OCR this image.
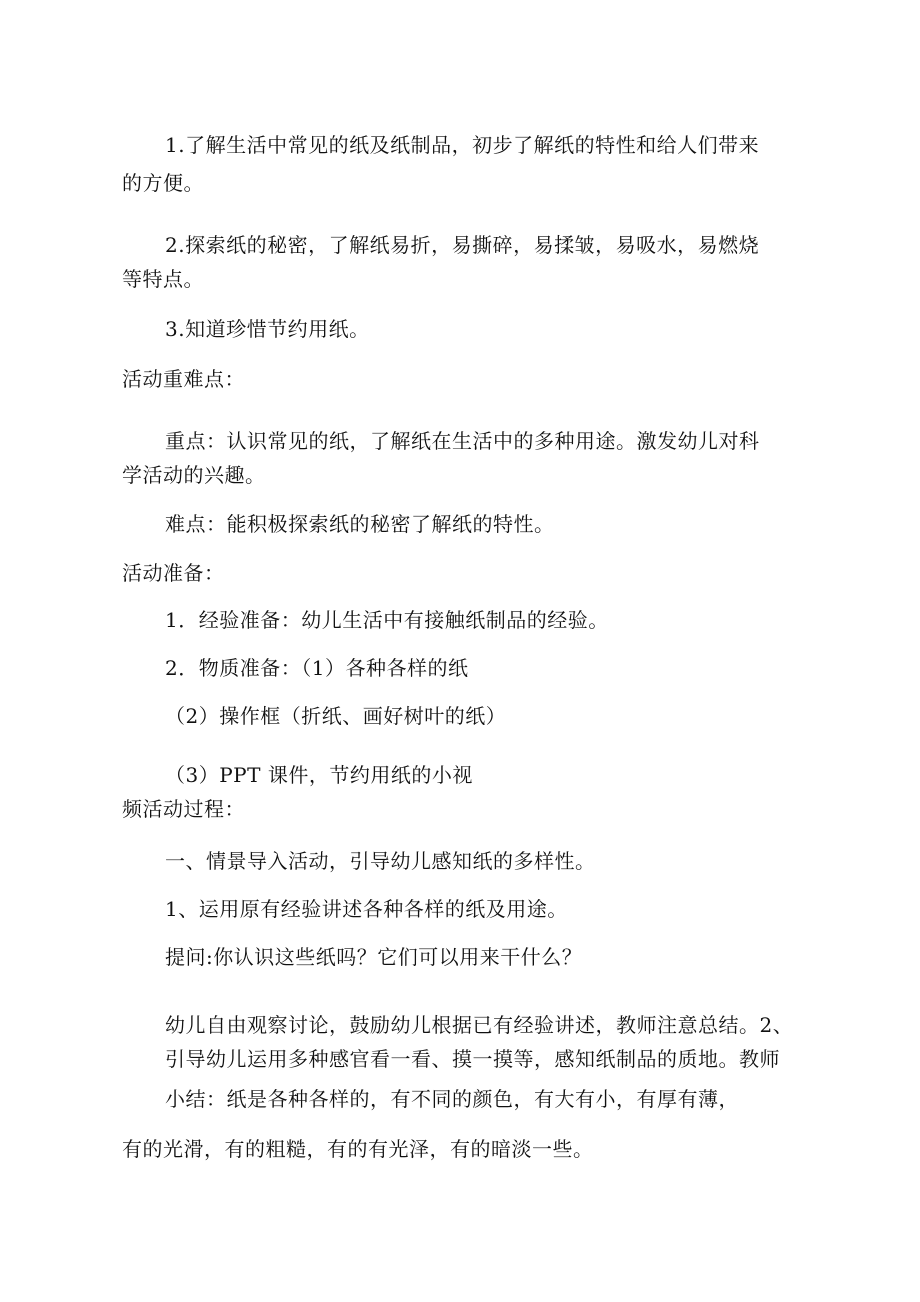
1.了解生活中常见的纸及纸制品，初步了解纸的特性和给人们带来
的方便。
2.探索纸的秘密，了解纸易折，易撕碎，易揉皱，易吸水，易燃烧
等特点。
3.知道珍惜节约用纸。
活动重难点：
重点：认识常见的纸，了解纸在生活中的多种用途。激发幼儿对科
学活动的兴趣。
难点：能积极探索纸的秘密了解纸的特性。
活动准备：
1．经验准备：幼儿生活中有接触纸制品的经验。
2．物质准备：（1）各种各样的纸
（2）操作框（折纸、画好树叶的纸）
（3）PPT 课件，节约用纸的小视
频活动过程：
一、情景导入活动，引导幼儿感知纸的多样性。
1、运用原有经验讲述各种各样的纸及用途。
提问:你认识这些纸吗？它们可以用来干什么？
幼儿自由观察讨论，鼓励幼儿根据已有经验讲述，教师注意总结。2、
引导幼儿运用多种感官看一看、摸一摸等，感知纸制品的质地。教师
小结：纸是各种各样的，有不同的颜色，有大有小，有厚有薄，
有的光滑，有的粗糙，有的有光泽，有的暗淡一些。
